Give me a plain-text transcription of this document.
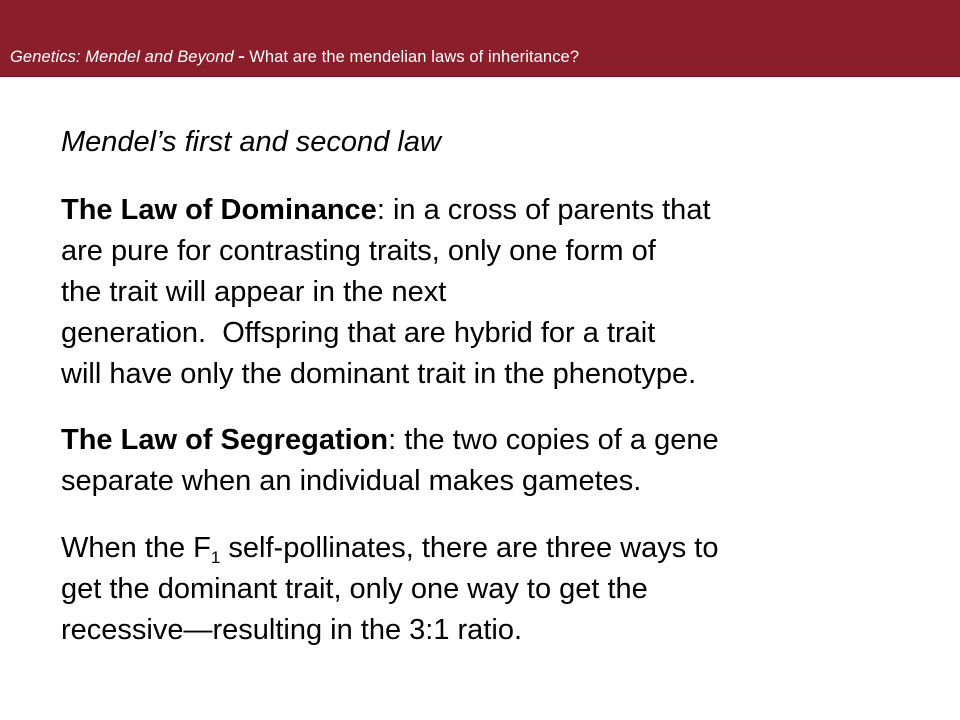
Genetics: Mendel and Beyond - What are the mendelian laws of inheritance?
Mendel’s first and second law
The Law of Dominance: in a cross of parents that
are pure for contrasting traits, only one form of
the trait will appear in the next
generation.  Offspring that are hybrid for a trait
will have only the dominant trait in the phenotype.
The Law of Segregation: the two copies of a gene
separate when an individual makes gametes.
When the $F_1$ self-pollinates, there are three ways to
get the dominant trait, only one way to get the
recessive—resulting in the 3:1 ratio.
